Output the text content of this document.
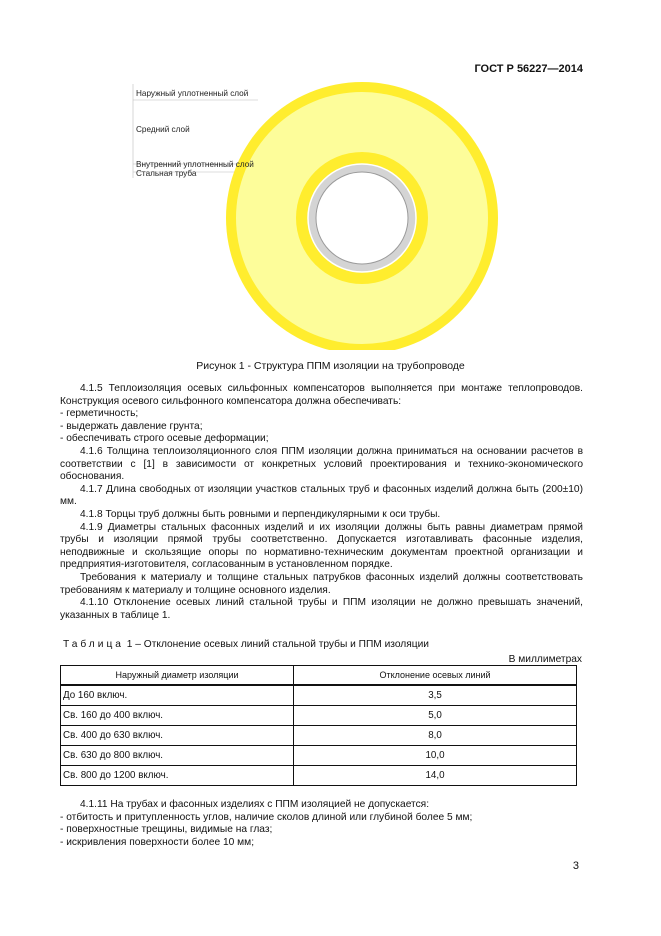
ГОСТ Р 56227—2014
Наружный уплотненный слой
Средний слой
Внутренний уплотненный слой
Стальная труба
Рисунок 1 - Структура ППМ изоляции на трубопроводе

4.1.5 Теплоизоляция осевых сильфонных компенсаторов выполняется при монтаже теплопроводов. Конструкция осевого сильфонного компенсатора должна обеспечивать:

- герметичность;

- выдержать давление грунта;

- обеспечивать строго осевые деформации;

4.1.6 Толщина теплоизоляционного слоя ППМ изоляции должна приниматься на основании расчетов в соответствии с [1] в зависимости от конкретных условий проектирования и технико-экономического обоснования.

4.1.7 Длина свободных от изоляции участков стальных труб и фасонных изделий должна быть (200±10) мм.

4.1.8 Торцы труб должны быть ровными и перпендикулярными к оси трубы.

4.1.9 Диаметры стальных фасонных изделий и их изоляции должны быть равны диаметрам прямой трубы и изоляции прямой трубы соответственно. Допускается изготавливать фасонные изделия, неподвижные и скользящие опоры по нормативно-техническим документам проектной организации и предприятия-изготовителя, согласованным в установленном порядке.

Требования к материалу и толщине стальных патрубков фасонных изделий должны соответствовать требованиям к материалу и толщине основного изделия.

4.1.10 Отклонение осевых линий стальной трубы и ППМ изоляции не должно превышать значений, указанных в таблице 1.

Таблица 1 – Отклонение осевых линий стальной трубы и ППМ изоляции
В миллиметрах
Наружный диаметр изоляции	Отклонение осевых линий
До 160 включ.	3,5
Св. 160 до 400 включ.	5,0
Св. 400 до 630 включ.	8,0
Св. 630 до 800 включ.	10,0
Св. 800 до 1200 включ.	14,0

4.1.11 На трубах и фасонных изделиях с ППМ изоляцией не допускается:

- отбитость и притупленность углов, наличие сколов длиной или глубиной более 5 мм;

- поверхностные трещины, видимые на глаз;

- искривления поверхности более 10 мм;

3
